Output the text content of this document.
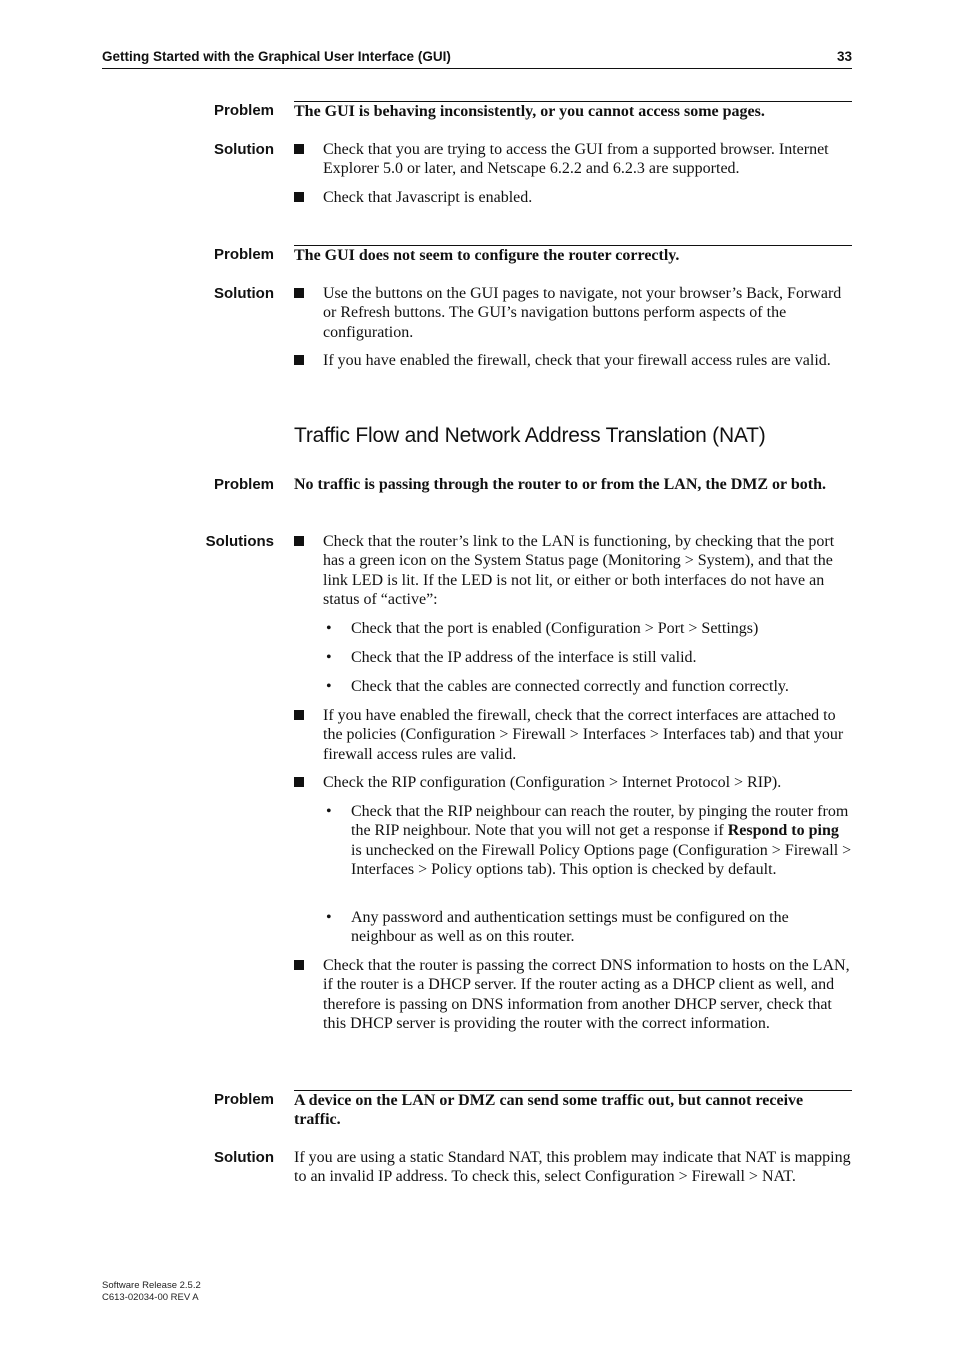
Getting Started with the Graphical User Interface (GUI)	33
Problem The GUI is behaving inconsistently, or you cannot access some pages.
Solution	Check that you are trying to access the GUI from a supported browser. Internet Explorer 5.0 or later, and Netscape 6.2.2 and 6.2.3 are supported.
Check that Javascript is enabled.
Problem The GUI does not seem to configure the router correctly.
Solution	Use the buttons on the GUI pages to navigate, not your browser’s Back, Forward or Refresh buttons. The GUI’s navigation buttons perform aspects of the configuration.
If you have enabled the firewall, check that your firewall access rules are valid.
Traffic Flow and Network Address Translation (NAT)
Problem No traffic is passing through the router to or from the LAN, the DMZ or both.
Solutions	Check that the router’s link to the LAN is functioning, by checking that the port has a green icon on the System Status page (Monitoring > System), and that the link LED is lit. If the LED is not lit, or either or both interfaces do not have an status of “active”:
• Check that the port is enabled (Configuration > Port > Settings)
• Check that the IP address of the interface is still valid.
• Check that the cables are connected correctly and function correctly.
If you have enabled the firewall, check that the correct interfaces are attached to the policies (Configuration > Firewall > Interfaces > Interfaces tab) and that your firewall access rules are valid.
Check the RIP configuration (Configuration > Internet Protocol > RIP).
• Check that the RIP neighbour can reach the router, by pinging the router from the RIP neighbour. Note that you will not get a response if Respond to ping is unchecked on the Firewall Policy Options page (Configuration > Firewall > Interfaces > Policy options tab). This option is checked by default.
• Any password and authentication settings must be configured on the neighbour as well as on this router.
Check that the router is passing the correct DNS information to hosts on the LAN, if the router is a DHCP server. If the router acting as a DHCP client as well, and therefore is passing on DNS information from another DHCP server, check that this DHCP server is providing the router with the correct information.
Problem A device on the LAN or DMZ can send some traffic out, but cannot receive traffic.
Solution If you are using a static Standard NAT, this problem may indicate that NAT is mapping to an invalid IP address. To check this, select Configuration > Firewall > NAT.
Software Release 2.5.2
C613-02034-00 REV A
